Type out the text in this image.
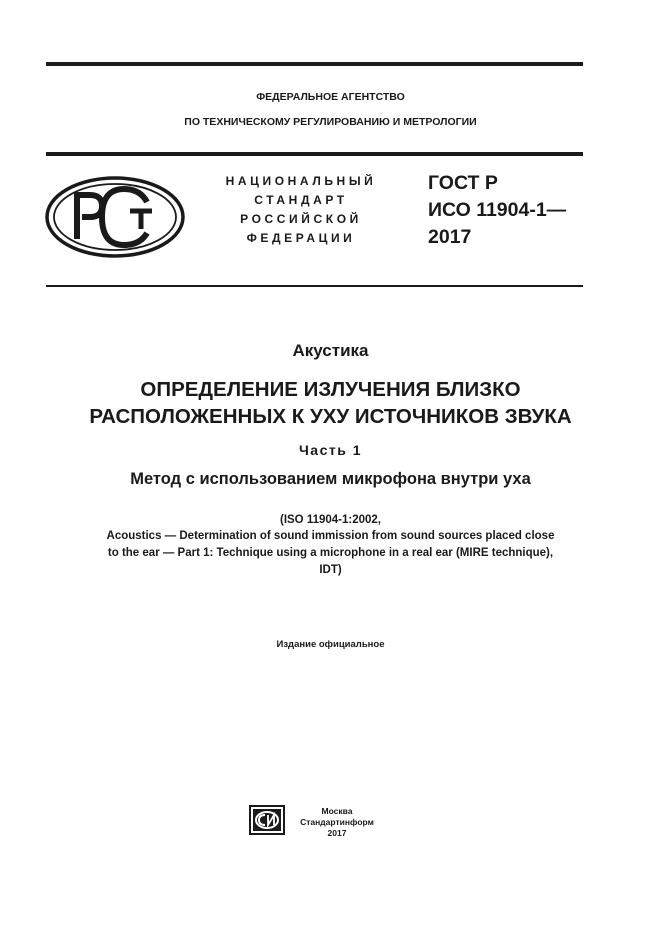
ФЕДЕРАЛЬНОЕ АГЕНТСТВО
ПО ТЕХНИЧЕСКОМУ РЕГУЛИРОВАНИЮ И МЕТРОЛОГИИ
НАЦИОНАЛЬНЫЙ
СТАНДАРТ
РОССИЙСКОЙ
ФЕДЕРАЦИИ
ГОСТ Р
ИСО 11904-1—
2017
Акустика
ОПРЕДЕЛЕНИЕ ИЗЛУЧЕНИЯ БЛИЗКО
РАСПОЛОЖЕННЫХ К УХУ ИСТОЧНИКОВ ЗВУКА
Часть 1
Метод с использованием микрофона внутри уха
(ISO 11904-1:2002,
Acoustics — Determination of sound immission from sound sources placed close
to the ear — Part 1: Technique using a microphone in a real ear (MIRE technique),
IDT)
Издание официальное
Москва
Стандартинформ
2017
